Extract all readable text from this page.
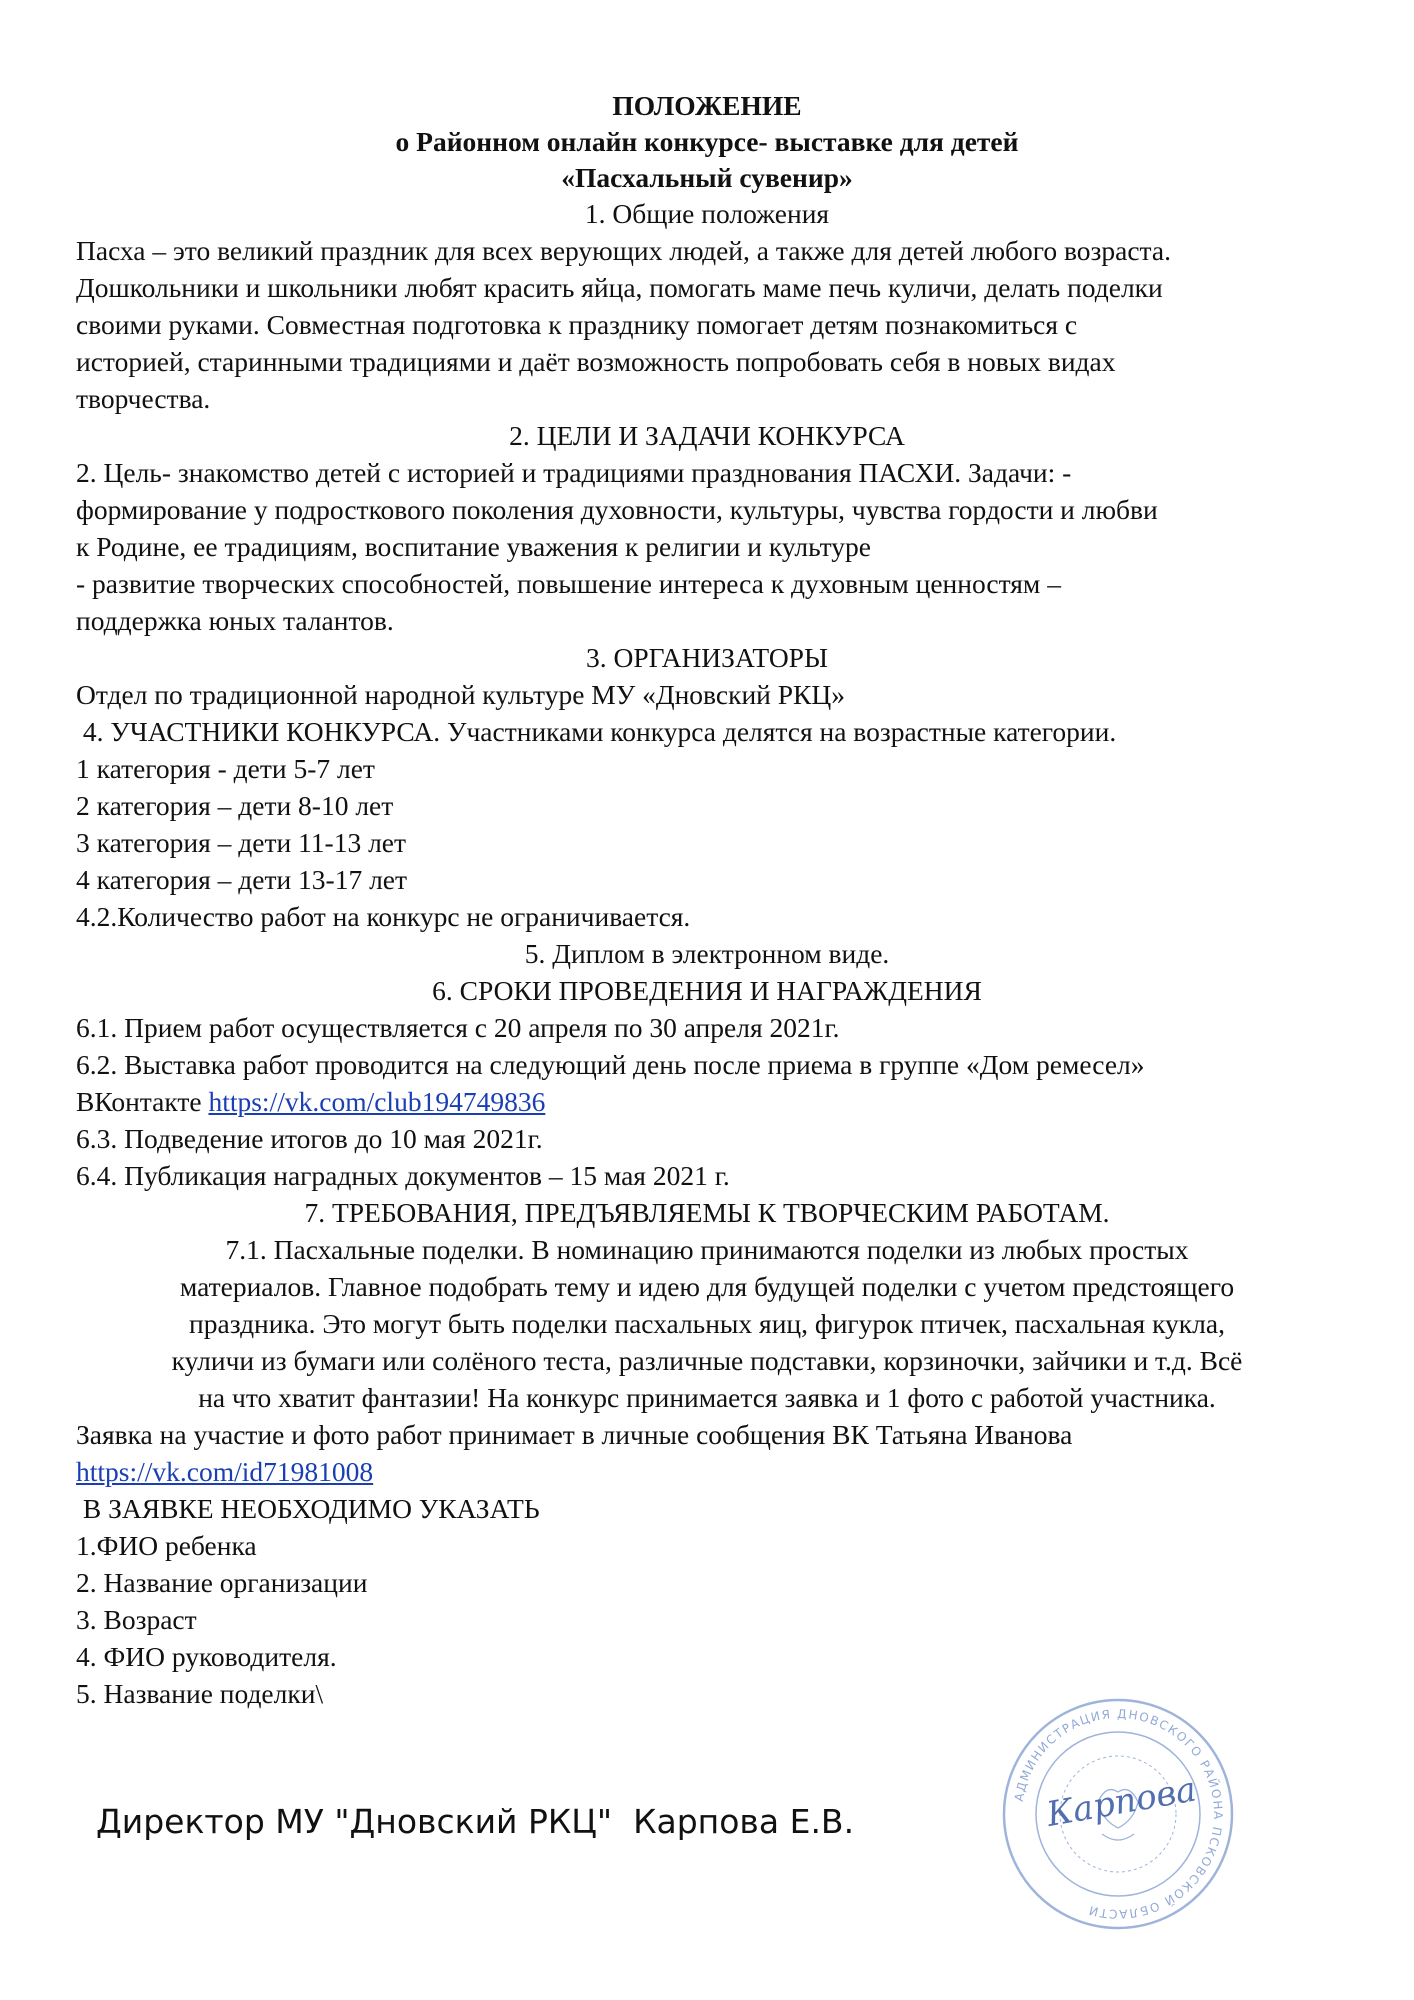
ПОЛОЖЕНИЕ
о Районном онлайн конкурсе- выставке для детей
«Пасхальный сувенир»
1. Общие положения
Пасха – это великий праздник для всех верующих людей, а также для детей любого возраста.
Дошкольники и школьники любят красить яйца, помогать маме печь куличи, делать поделки
своими руками. Совместная подготовка к празднику помогает детям познакомиться с
историей, старинными традициями и даёт возможность попробовать себя в новых видах
творчества.
2. ЦЕЛИ И ЗАДАЧИ КОНКУРСА
2. Цель- знакомство детей с историей и традициями празднования ПАСХИ. Задачи: -
формирование у подросткового поколения духовности, культуры, чувства гордости и любви
к Родине, ее традициям, воспитание уважения к религии и культуре
- развитие творческих способностей, повышение интереса к духовным ценностям –
поддержка юных талантов.
3. ОРГАНИЗАТОРЫ
Отдел по традиционной народной культуре МУ «Дновский РКЦ»
4. УЧАСТНИКИ КОНКУРСА. Участниками конкурса делятся на возрастные категории.
1 категория - дети 5-7 лет
2 категория – дети 8-10 лет
3 категория – дети 11-13 лет
4 категория – дети 13-17 лет
4.2.Количество работ на конкурс не ограничивается.
5. Диплом в электронном виде.
6. СРОКИ ПРОВЕДЕНИЯ И НАГРАЖДЕНИЯ
6.1. Прием работ осуществляется с 20 апреля по 30 апреля 2021г.
6.2. Выставка работ проводится на следующий день после приема в группе «Дом ремесел»
ВКонтакте https://vk.com/club194749836
6.3. Подведение итогов до 10 мая 2021г.
6.4. Публикация наградных документов – 15 мая 2021 г.
7. ТРЕБОВАНИЯ, ПРЕДЪЯВЛЯЕМЫ К ТВОРЧЕСКИМ РАБОТАМ.
7.1. Пасхальные поделки. В номинацию принимаются поделки из любых простых
материалов. Главное подобрать тему и идею для будущей поделки с учетом предстоящего
праздника. Это могут быть поделки пасхальных яиц, фигурок птичек, пасхальная кукла,
куличи из бумаги или солёного теста, различные подставки, корзиночки, зайчики и т.д. Всё
на что хватит фантазии! На конкурс принимается заявка и 1 фото с работой участника.
Заявка на участие и фото работ принимает в личные сообщения ВК Татьяна Иванова
https://vk.com/id71981008
В ЗАЯВКЕ НЕОБХОДИМО УКАЗАТЬ
1.ФИО ребенка
2. Название организации
3. Возраст
4. ФИО руководителя.
5. Название поделки\
Директор МУ "Дновский РКЦ"  Карпова Е.В.
АДМИНИСТРАЦИЯ ДНОВСКОГО РАЙОНА ПСКОВСКОЙ ОБЛАСТИ
Карпова
